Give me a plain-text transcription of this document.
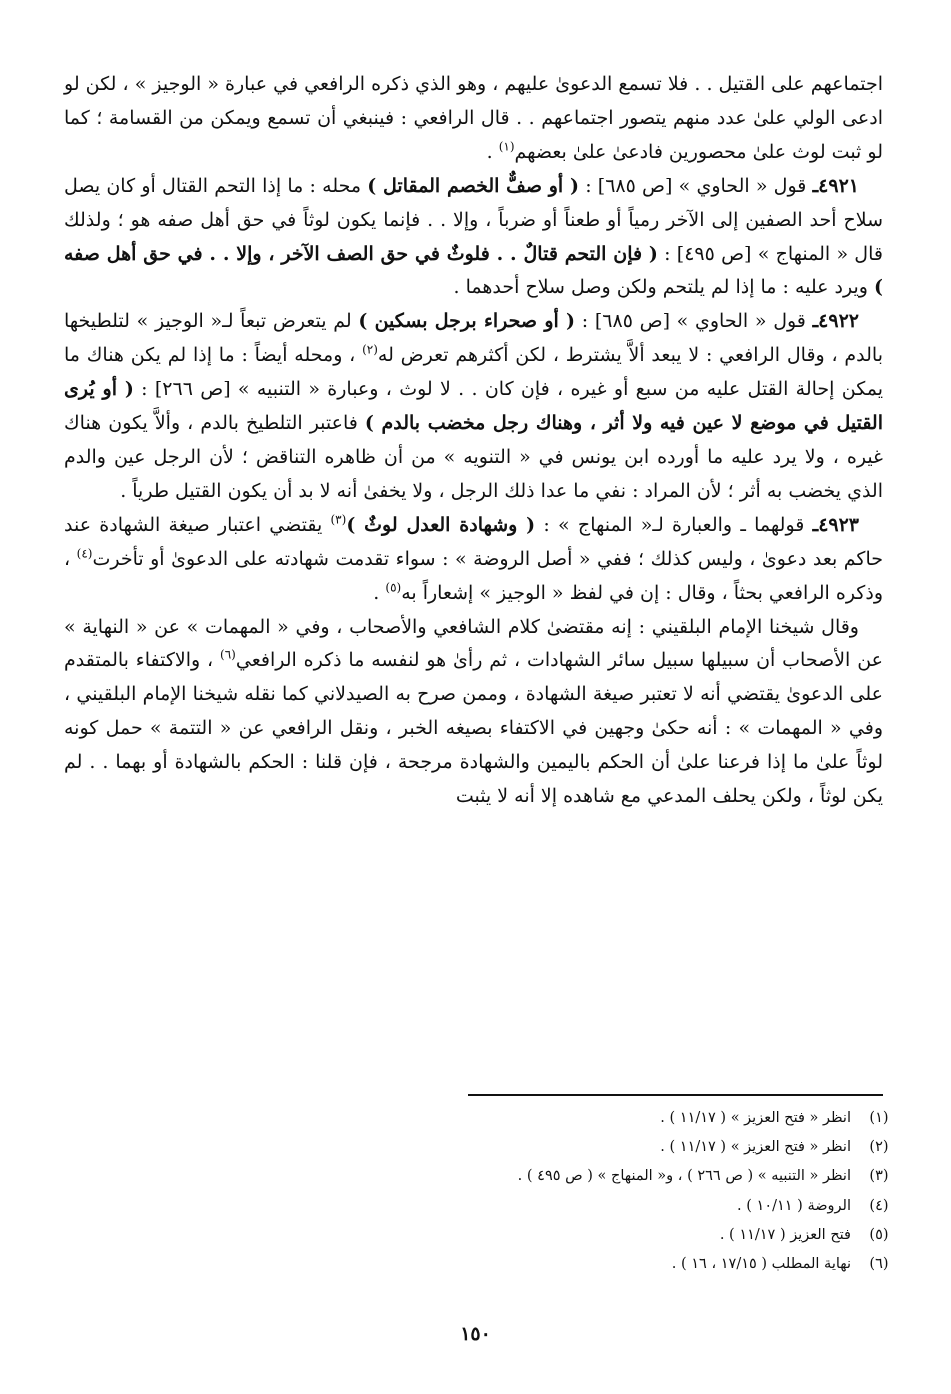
اجتماعهم على القتيل . . فلا تسمع الدعوىٰ عليهم ، وهو الذي ذكره الرافعي في عبارة « الوجيز » ، لكن لو ادعى الولي علىٰ عدد منهم يتصور اجتماعهم . . قال الرافعي : فينبغي أن تسمع ويمكن من القسامة ؛ كما لو ثبت لوث علىٰ محصورين فادعىٰ علىٰ بعضهم$^{(١)}$ .

٤٩٢١ـ قول « الحاوي » [ص ٦٨٥] : ( أو صفٌّ الخصم المقاتل ) محله : ما إذا التحم القتال أو كان يصل سلاح أحد الصفين إلى الآخر رمياً أو طعناً أو ضرباً ، وإلا . . فإنما يكون لوثاً في حق أهل صفه هو ؛ ولذلك قال « المنهاج » [ص ٤٩٥] : ( فإن التحم قتالٌ . . فلوثٌ في حق الصف الآخر ، وإلا . . في حق أهل صفه ) ويرد عليه : ما إذا لم يلتحم ولكن وصل سلاح أحدهما .

٤٩٢٢ـ قول « الحاوي » [ص ٦٨٥] : ( أو صحراء برجل بسكين ) لم يتعرض تبعاً لـ« الوجيز » لتلطيخها بالدم ، وقال الرافعي : لا يبعد ألاَّ يشترط ، لكن أكثرهم تعرض له$^{(٢)}$ ، ومحله أيضاً : ما إذا لم يكن هناك ما يمكن إحالة القتل عليه من سبع أو غيره ، فإن كان . . لا لوث ، وعبارة « التنبيه » [ص ٢٦٦] : ( أو يُرى القتيل في موضع لا عين فيه ولا أثر ، وهناك رجل مخضب بالدم ) فاعتبر التلطيخ بالدم ، وألاَّ يكون هناك غيره ، ولا يرد عليه ما أورده ابن يونس في « التنويه » من أن ظاهره التناقض ؛ لأن الرجل عين والدم الذي يخضب به أثر ؛ لأن المراد : نفي ما عدا ذلك الرجل ، ولا يخفىٰ أنه لا بد أن يكون القتيل طرياً .

٤٩٢٣ـ قولهما ـ والعبارة لـ« المنهاج » : ( وشهادة العدل لوثٌ )$^{(٣)}$ يقتضي اعتبار صيغة الشهادة عند حاكم بعد دعوىٰ ، وليس كذلك ؛ ففي « أصل الروضة » : سواء تقدمت شهادته على الدعوىٰ أو تأخرت$^{(٤)}$ ، وذكره الرافعي بحثاً ، وقال : إن في لفظ « الوجيز » إشعاراً به$^{(٥)}$ .

وقال شيخنا الإمام البلقيني : إنه مقتضىٰ كلام الشافعي والأصحاب ، وفي « المهمات » عن « النهاية » عن الأصحاب أن سبيلها سبيل سائر الشهادات ، ثم رأىٰ هو لنفسه ما ذكره الرافعي$^{(٦)}$ ، والاكتفاء بالمتقدم على الدعوىٰ يقتضي أنه لا تعتبر صيغة الشهادة ، وممن صرح به الصيدلاني كما نقله شيخنا الإمام البلقيني ، وفي « المهمات » : أنه حكىٰ وجهين في الاكتفاء بصيغه الخبر ، ونقل الرافعي عن « التتمة » حمل كونه لوثاً علىٰ ما إذا فرعنا علىٰ أن الحكم باليمين والشهادة مرجحة ، فإن قلنا : الحكم بالشهادة أو بهما . . لم يكن لوثاً ، ولكن يحلف المدعي مع شاهده إلا أنه لا يثبت

(١)
انظر « فتح العزيز » ( ١١/١٧ ) .
(٢)
انظر « فتح العزيز » ( ١١/١٧ ) .
(٣)
انظر « التنبيه » ( ص ٢٦٦ ) ، و« المنهاج » ( ص ٤٩٥ ) .
(٤)
الروضة ( ١٠/١١ ) .
(٥)
فتح العزيز ( ١١/١٧ ) .
(٦)
نهاية المطلب ( ١٧/١٥ ، ١٦ ) .
١٥٠
